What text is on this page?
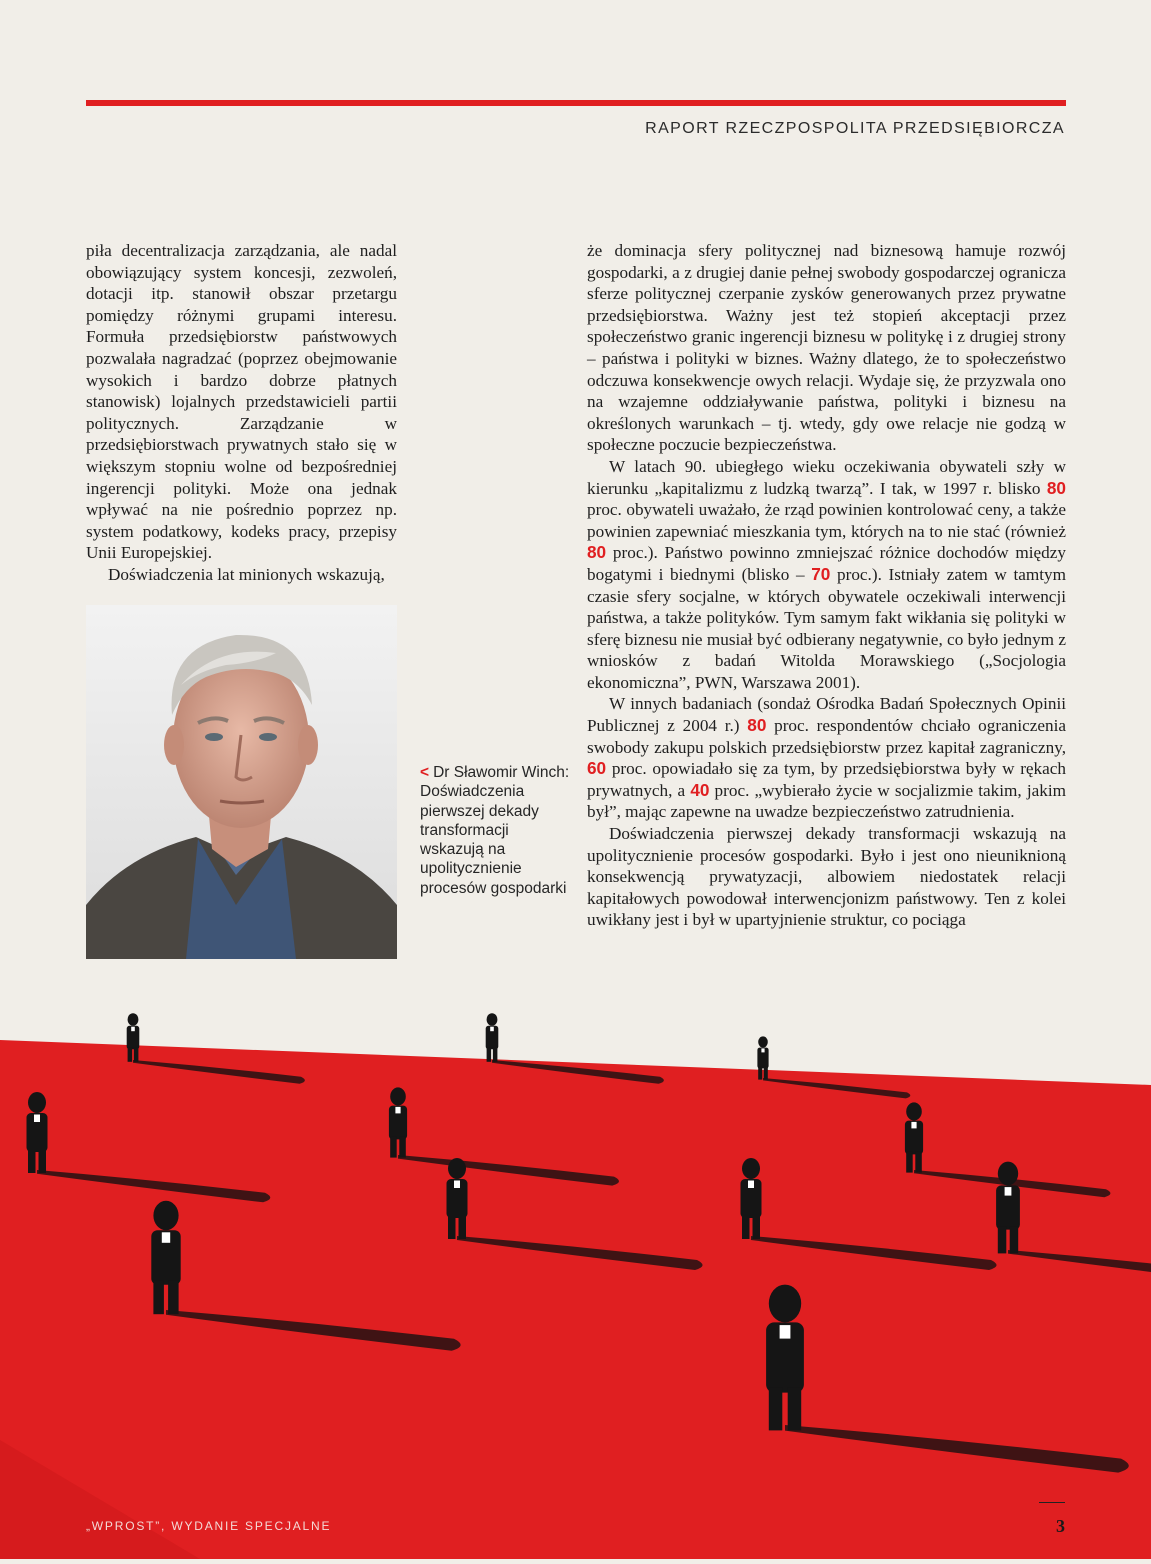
RAPORT RZECZPOSPOLITA PRZEDSIĘBIORCZA

piła decentralizacja zarządzania, ale nadal obowiązujący system koncesji, zezwoleń, dotacji itp. stanowił obszar przetargu pomiędzy różnymi grupami interesu. Formuła przedsiębiorstw państwowych pozwalała nagradzać (poprzez obejmowanie wysokich i bardzo dobrze płatnych stanowisk) lojalnych przedstawicieli partii politycznych. Zarządzanie w przedsiębiorstwach prywatnych stało się w większym stopniu wolne od bezpośredniej ingerencji polityki. Może ona jednak wpływać na nie pośrednio poprzez np. system podatkowy, kodeks pracy, przepisy Unii Europejskiej.

Doświadczenia lat minionych wskazują,

że dominacja sfery politycznej nad biznesową hamuje rozwój gospodarki, a z drugiej danie pełnej swobody gospodarczej ogranicza sferze politycznej czerpanie zysków generowanych przez prywatne przedsiębiorstwa. Ważny jest też stopień akceptacji przez społeczeństwo granic ingerencji biznesu w politykę i z drugiej strony – państwa i polityki w biznes. Ważny dlatego, że to społeczeństwo odczuwa konsekwencje owych relacji. Wydaje się, że przyzwala ono na wzajemne oddziaływanie państwa, polityki i biznesu na określonych warunkach – tj. wtedy, gdy owe relacje nie godzą w społeczne poczucie bezpieczeństwa.

W latach 90. ubiegłego wieku oczekiwania obywateli szły w kierunku „kapitalizmu z ludzką twarzą”. I tak, w 1997 r. blisko 80 proc. obywateli uważało, że rząd powinien kontrolować ceny, a także powinien zapewniać mieszkania tym, których na to nie stać (również 80 proc.). Państwo powinno zmniejszać różnice dochodów między bogatymi i biednymi (blisko – 70 proc.). Istniały zatem w tamtym czasie sfery socjalne, w których obywatele oczekiwali interwencji państwa, a także polityków. Tym samym fakt wikłania się polityki w sferę biznesu nie musiał być odbierany negatywnie, co było jednym z wniosków z badań Witolda Morawskiego („Socjologia ekonomiczna”, PWN, Warszawa 2001).

W innych badaniach (sondaż Ośrodka Badań Społecznych Opinii Publicznej z 2004 r.) 80 proc. respondentów chciało ograniczenia swobody zakupu polskich przedsiębiorstw przez kapitał zagraniczny, 60 proc. opowiadało się za tym, by przedsiębiorstwa były w rękach prywatnych, a 40 proc. „wybierało życie w socjalizmie takim, jakim był”, mając zapewne na uwadze bezpieczeństwo zatrudnienia.

Doświadczenia pierwszej dekady transformacji wskazują na upolitycznienie procesów gospodarki. Było i jest ono nieuniknioną konsekwencją prywatyzacji, albowiem niedostatek relacji kapitałowych powodował interwencjonizm państwowy. Ten z kolei uwikłany jest i był w upartyjnienie struktur, co pociąga

< Dr Sławomir Winch: Doświadczenia pierwszej dekady transformacji wskazują na upolitycznienie procesów gospodarki
„WPROST”, WYDANIE SPECJALNE	3
